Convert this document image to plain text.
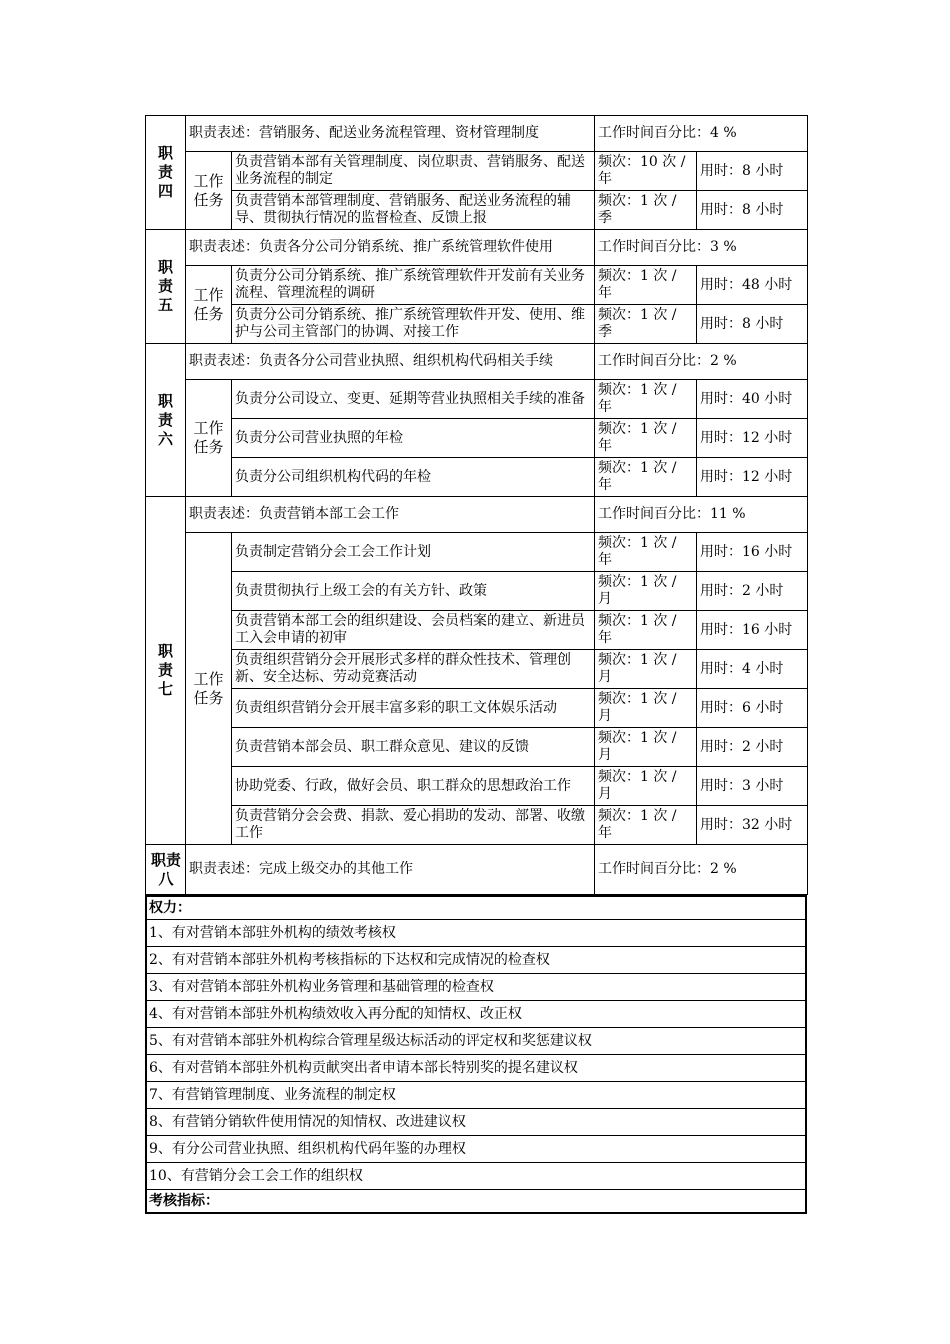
职责四	职责表述：营销服务、配送业务流程管理、资材管理制度		工作时间百分比：4 %	

	工作任务	负责营销本部有关管理制度、岗位职责、营销服务、配送业务流程的制定	频次：10 次 / 年	用时：8 小时
		负责营销本部管理制度、营销服务、配送业务流程的辅导、贯彻执行情况的监督检查、反馈上报	频次：1 次 / 季	用时：8 小时

职责五	职责表述：负责各分公司分销系统、推广系统管理软件使用		工作时间百分比：3 %	

	工作任务	负责分公司分销系统、推广系统管理软件开发前有关业务流程、管理流程的调研	频次：1 次 / 年	用时：48 小时
		负责分公司分销系统、推广系统管理软件开发、使用、维护与公司主管部门的协调、对接工作	频次：1 次 / 季	用时：8 小时

职责六	职责表述：负责各分公司营业执照、组织机构代码相关手续		工作时间百分比：2 %	

	工作任务	负责分公司设立、变更、延期等营业执照相关手续的准备	频次：1 次 / 年	用时：40 小时
		负责分公司营业执照的年检	频次：1 次 / 年	用时：12 小时
		负责分公司组织机构代码的年检	频次：1 次 / 年	用时：12 小时

职责七	职责表述：负责营销本部工会工作		工作时间百分比：11 %	

	工作任务	负责制定营销分会工会工作计划	频次：1 次 / 年	用时：16 小时
		负责贯彻执行上级工会的有关方针、政策	频次：1 次 / 月	用时：2 小时
		负责营销本部工会的组织建设、会员档案的建立、新进员工入会申请的初审	频次：1 次 / 年	用时：16 小时
		负责组织营销分会开展形式多样的群众性技术、管理创新、安全达标、劳动竞赛活动	频次：1 次 / 月	用时：4 小时
		负责组织营销分会开展丰富多彩的职工文体娱乐活动	频次：1 次 / 月	用时：6 小时
		负责营销本部会员、职工群众意见、建议的反馈	频次：1 次 / 月	用时：2 小时
		协助党委、行政，做好会员、职工群众的思想政治工作	频次：1 次 / 月	用时：3 小时
		负责营销分会会费、捐款、爱心捐助的发动、部署、收缴工作	频次：1 次 / 年	用时：32 小时

职责八	职责表述：完成上级交办的其他工作		工作时间百分比：2 %	
权力：
1、有对营销本部驻外机构的绩效考核权
2、有对营销本部驻外机构考核指标的下达权和完成情况的检查权
3、有对营销本部驻外机构业务管理和基础管理的检查权
4、有对营销本部驻外机构绩效收入再分配的知情权、改正权
5、有对营销本部驻外机构综合管理星级达标活动的评定权和奖惩建议权
6、有对营销本部驻外机构贡献突出者申请本部长特别奖的提名建议权
7、有营销管理制度、业务流程的制定权
8、有营销分销软件使用情况的知情权、改进建议权
9、有分公司营业执照、组织机构代码年鉴的办理权
10、有营销分会工会工作的组织权
考核指标：
